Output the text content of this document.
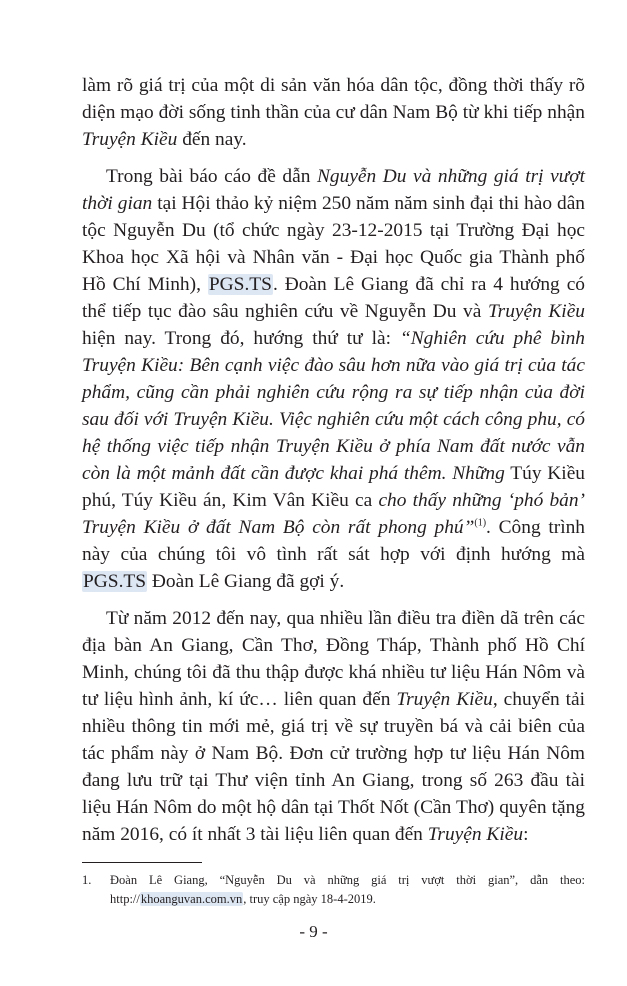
làm rõ giá trị của một di sản văn hóa dân tộc, đồng thời thấy rõ diện mạo đời sống tinh thần của cư dân Nam Bộ từ khi tiếp nhận Truyện Kiều đến nay.

Trong bài báo cáo đề dẫn Nguyễn Du và những giá trị vượt thời gian tại Hội thảo kỷ niệm 250 năm năm sinh đại thi hào dân tộc Nguyễn Du (tổ chức ngày 23-12-2015 tại Trường Đại học Khoa học Xã hội và Nhân văn - Đại học Quốc gia Thành phố Hồ Chí Minh), PGS.TS. Đoàn Lê Giang đã chỉ ra 4 hướng có thể tiếp tục đào sâu nghiên cứu về Nguyễn Du và Truyện Kiều hiện nay. Trong đó, hướng thứ tư là: “Nghiên cứu phê bình Truyện Kiều: Bên cạnh việc đào sâu hơn nữa vào giá trị của tác phẩm, cũng cần phải nghiên cứu rộng ra sự tiếp nhận của đời sau đối với Truyện Kiều. Việc nghiên cứu một cách công phu, có hệ thống việc tiếp nhận Truyện Kiều ở phía Nam đất nước vẫn còn là một mảnh đất cần được khai phá thêm. Những Túy Kiều phú, Túy Kiều án, Kim Vân Kiều ca cho thấy những ‘phó bản’ Truyện Kiều ở đất Nam Bộ còn rất phong phú”$^{(1)}$. Công trình này của chúng tôi vô tình rất sát hợp với định hướng mà PGS.TS Đoàn Lê Giang đã gợi ý.

Từ năm 2012 đến nay, qua nhiều lần điều tra điền dã trên các địa bàn An Giang, Cần Thơ, Đồng Tháp, Thành phố Hồ Chí Minh, chúng tôi đã thu thập được khá nhiều tư liệu Hán Nôm và tư liệu hình ảnh, kí ức… liên quan đến Truyện Kiều, chuyển tải nhiều thông tin mới mẻ, giá trị về sự truyền bá và cải biên của tác phẩm này ở Nam Bộ. Đơn cử trường hợp tư liệu Hán Nôm đang lưu trữ tại Thư viện tỉnh An Giang, trong số 263 đầu tài liệu Hán Nôm do một hộ dân tại Thốt Nốt (Cần Thơ) quyên tặng năm 2016, có ít nhất 3 tài liệu liên quan đến Truyện Kiều:

1.	Đoàn Lê Giang, “Nguyễn Du và những giá trị vượt thời gian”, dẫn theo: http://khoanguvan.com.vn, truy cập ngày 18-4-2019.
- 9 -
